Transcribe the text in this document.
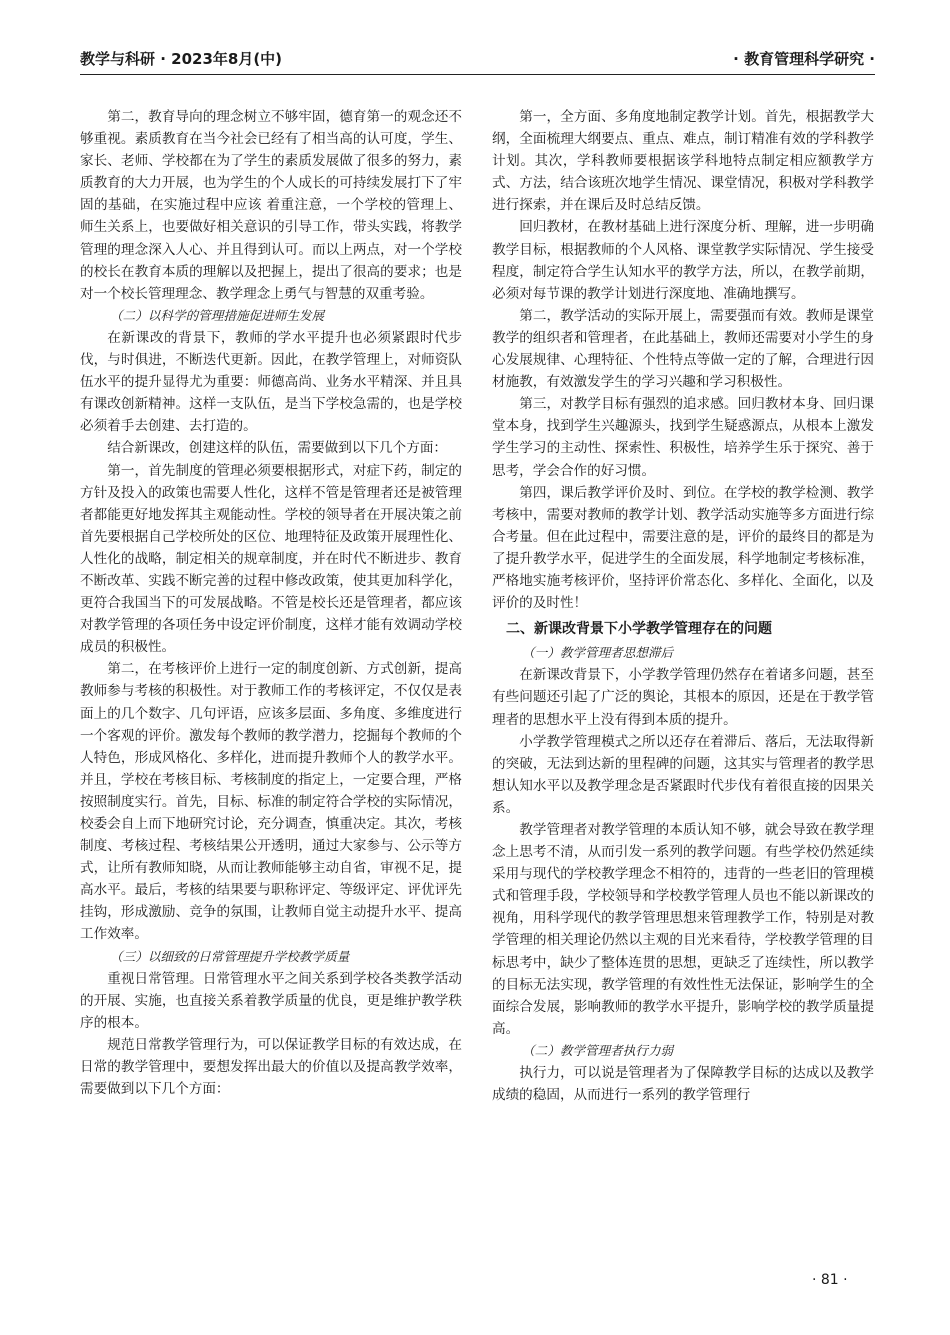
教学与科研 · 2023年8月(中)	· 教育管理科学研究 ·

第二，教育导向的理念树立不够牢固，德育第一的观念还不够重视。素质教育在当今社会已经有了相当高的认可度，学生、家长、老师、学校都在为了学生的素质发展做了很多的努力，素质教育的大力开展，也为学生的个人成长的可持续发展打下了牢固的基础，在实施过程中应该 着重注意，一个学校的管理上、师生关系上，也要做好相关意识的引导工作，带头实践，将教学管理的理念深入人心、并且得到认可。而以上两点，对一个学校的校长在教育本质的理解以及把握上，提出了很高的要求；也是对一个校长管理理念、教学理念上勇气与智慧的双重考验。

（二）以科学的管理措施促进师生发展

在新课改的背景下，教师的学水平提升也必须紧跟时代步伐，与时俱进，不断迭代更新。因此，在教学管理上，对师资队伍水平的提升显得尤为重要：师德高尚、业务水平精深、并且具有课改创新精神。这样一支队伍，是当下学校急需的，也是学校必须着手去创建、去打造的。

结合新课改，创建这样的队伍，需要做到以下几个方面：

第一，首先制度的管理必须要根据形式，对症下药，制定的方针及投入的政策也需要人性化，这样不管是管理者还是被管理者都能更好地发挥其主观能动性。学校的领导者在开展决策之前首先要根据自己学校所处的区位、地理特征及政策开展理性化、人性化的战略，制定相关的规章制度，并在时代不断进步、教育不断改革、实践不断完善的过程中修改政策，使其更加科学化，更符合我国当下的可发展战略。不管是校长还是管理者，都应该对教学管理的各项任务中设定评价制度，这样才能有效调动学校成员的积极性。

第二，在考核评价上进行一定的制度创新、方式创新，提高教师参与考核的积极性。对于教师工作的考核评定，不仅仅是表面上的几个数字、几句评语，应该多层面、多角度、多维度进行一个客观的评价。激发每个教师的教学潜力，挖掘每个教师的个人特色，形成风格化、多样化，进而提升教师个人的教学水平。并且，学校在考核目标、考核制度的指定上，一定要合理，严格按照制度实行。首先，目标、标准的制定符合学校的实际情况，校委会自上而下地研究讨论，充分调查，慎重决定。其次，考核制度、考核过程、考核结果公开透明，通过大家参与、公示等方式，让所有教师知晓，从而让教师能够主动自省，审视不足，提高水平。最后，考核的结果要与职称评定、等级评定、评优评先挂钩，形成激励、竞争的氛围，让教师自觉主动提升水平、提高工作效率。

（三）以细致的日常管理提升学校教学质量

重视日常管理。日常管理水平之间关系到学校各类教学活动的开展、实施，也直接关系着教学质量的优良，更是维护教学秩序的根本。

规范日常教学管理行为，可以保证教学目标的有效达成，在日常的教学管理中，要想发挥出最大的价值以及提高教学效率，需要做到以下几个方面：

第一，全方面、多角度地制定教学计划。首先，根据教学大纲，全面梳理大纲要点、重点、难点，制订精准有效的学科教学计划。其次，学科教师要根据该学科地特点制定相应额教学方式、方法，结合该班次地学生情况、课堂情况，积极对学科教学进行探索，并在课后及时总结反馈。

回归教材，在教材基础上进行深度分析、理解，进一步明确教学目标，根据教师的个人风格、课堂教学实际情况、学生接受程度，制定符合学生认知水平的教学方法，所以，在教学前期，必须对每节课的教学计划进行深度地、准确地撰写。

第二，教学活动的实际开展上，需要强而有效。教师是课堂教学的组织者和管理者，在此基础上，教师还需要对小学生的身心发展规律、心理特征、个性特点等做一定的了解，合理进行因材施教，有效激发学生的学习兴趣和学习积极性。

第三，对教学目标有强烈的追求感。回归教材本身、回归课堂本身，找到学生兴趣源头，找到学生疑惑源点，从根本上激发学生学习的主动性、探索性、积极性，培养学生乐于探究、善于思考，学会合作的好习惯。

第四，课后教学评价及时、到位。在学校的教学检测、教学考核中，需要对教师的教学计划、教学活动实施等多方面进行综合考量。但在此过程中，需要注意的是，评价的最终目的都是为了提升教学水平，促进学生的全面发展，科学地制定考核标准，严格地实施考核评价，坚持评价常态化、多样化、全面化，以及评价的及时性！

二、新课改背景下小学教学管理存在的问题

（一）教学管理者思想滞后

在新课改背景下，小学教学管理仍然存在着诸多问题，甚至有些问题还引起了广泛的舆论，其根本的原因，还是在于教学管理者的思想水平上没有得到本质的提升。

小学教学管理模式之所以还存在着滞后、落后，无法取得新的突破，无法到达新的里程碑的问题，这其实与管理者的教学思想认知水平以及教学理念是否紧跟时代步伐有着很直接的因果关系。

教学管理者对教学管理的本质认知不够，就会导致在教学理念上思考不清，从而引发一系列的教学问题。有些学校仍然延续采用与现代的学校教学理念不相符的，违背的一些老旧的管理模式和管理手段，学校领导和学校教学管理人员也不能以新课改的视角，用科学现代的教学管理思想来管理教学工作，特别是对教学管理的相关理论仍然以主观的目光来看待，学校教学管理的目标思考中，缺少了整体连贯的思想，更缺乏了连续性，所以教学的目标无法实现，教学管理的有效性性无法保证，影响学生的全面综合发展，影响教师的教学水平提升，影响学校的教学质量提高。

（二）教学管理者执行力弱

执行力，可以说是管理者为了保障教学目标的达成以及教学成绩的稳固，从而进行一系列的教学管理行

· 81 ·
